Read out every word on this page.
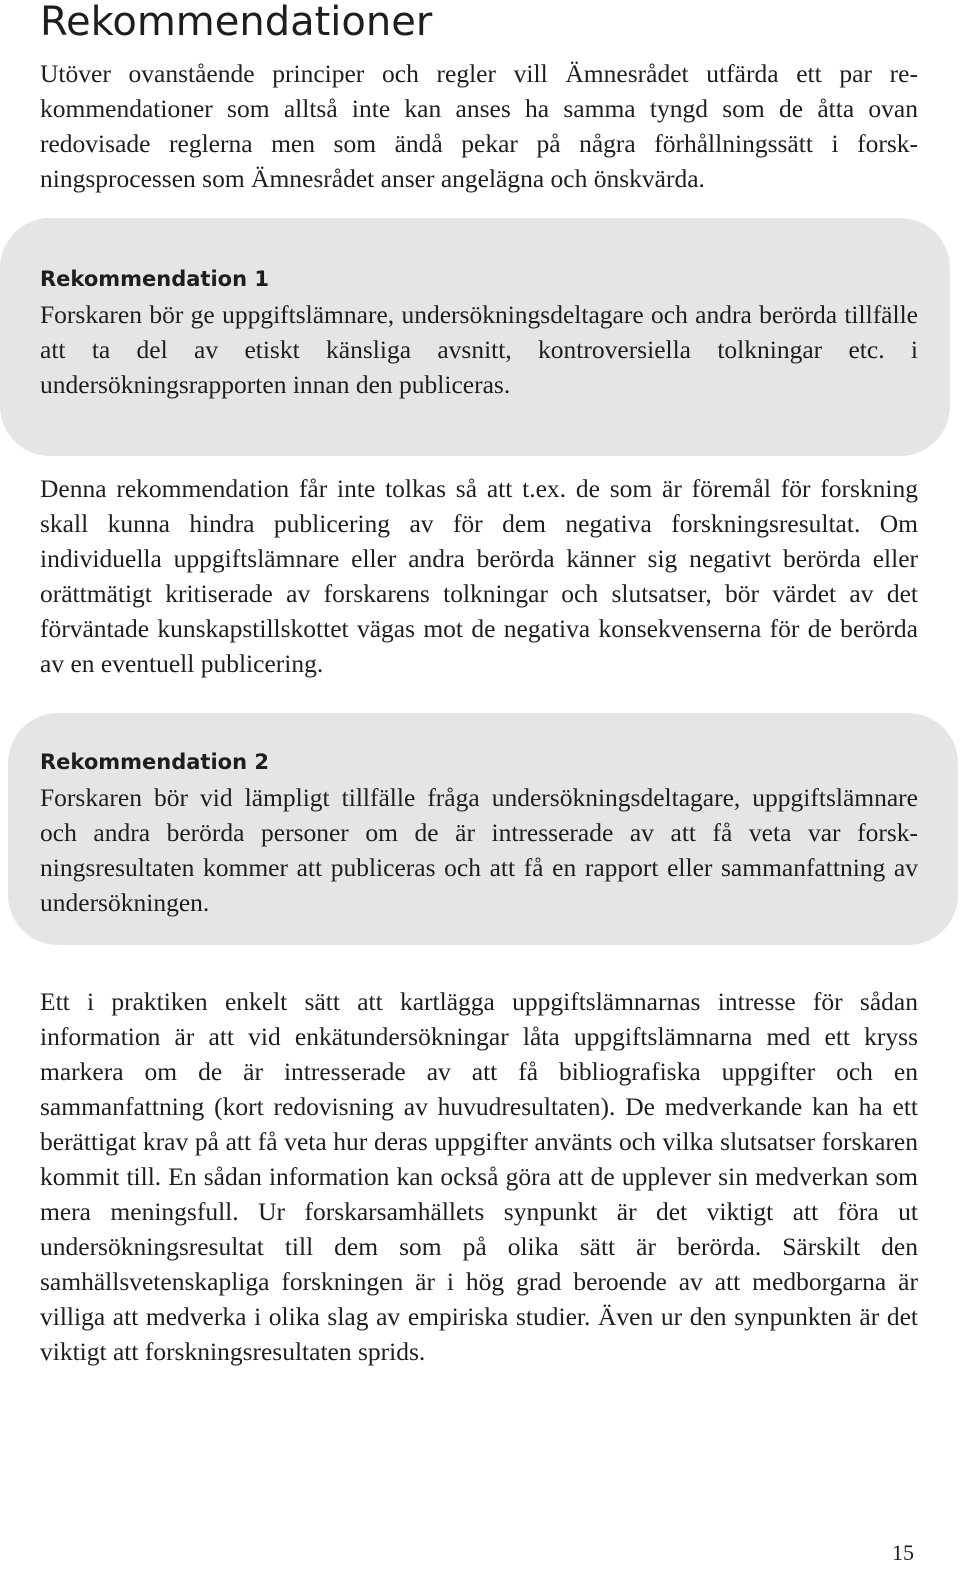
Rekommendationer

Utöver ovanstående principer och regler vill Ämnesrådet utfärda ett par rekommendationer som alltså inte kan anses ha samma tyngd som de åtta ovan redovisade reglerna men som ändå pekar på några förhållningssätt i forskningsprocessen som Ämnesrådet anser angelägna och önskvärda.

Rekommendation 1

Forskaren bör ge uppgiftslämnare, undersökningsdeltagare och andra berörda tillfälle att ta del av etiskt känsliga avsnitt, kontroversiella tolkningar etc. i undersökningsrapporten innan den publiceras.

Denna rekommendation får inte tolkas så att t.ex. de som är föremål för forskning skall kunna hindra publicering av för dem negativa forskningsresultat. Om individuella uppgiftslämnare eller andra berörda känner sig negativt berörda eller orättmätigt kritiserade av forskarens tolkningar och slutsatser, bör värdet av det förväntade kunskapstillskottet vägas mot de negativa konsekvenserna för de berörda av en eventuell publicering.

Rekommendation 2

Forskaren bör vid lämpligt tillfälle fråga undersökningsdeltagare, uppgiftslämnare och andra berörda personer om de är intresserade av att få veta var forskningsresultaten kommer att publiceras och att få en rapport eller sammanfattning av undersökningen.

Ett i praktiken enkelt sätt att kartlägga uppgiftslämnarnas intresse för sådan information är att vid enkätundersökningar låta uppgiftslämnarna med ett kryss markera om de är intresserade av att få bibliografiska uppgifter och en sammanfattning (kort redovisning av huvudresultaten). De medverkande kan ha ett berättigat krav på att få veta hur deras uppgifter använts och vilka slutsatser forskaren kommit till. En sådan information kan också göra att de upplever sin medverkan som mera meningsfull. Ur forskarsamhällets synpunkt är det viktigt att föra ut undersökningsresultat till dem som på olika sätt är berörda. Särskilt den samhällsvetenskapliga forskningen är i hög grad beroende av att medborgarna är villiga att medverka i olika slag av empiriska studier. Även ur den synpunkten är det viktigt att forskningsresultaten sprids.

15
